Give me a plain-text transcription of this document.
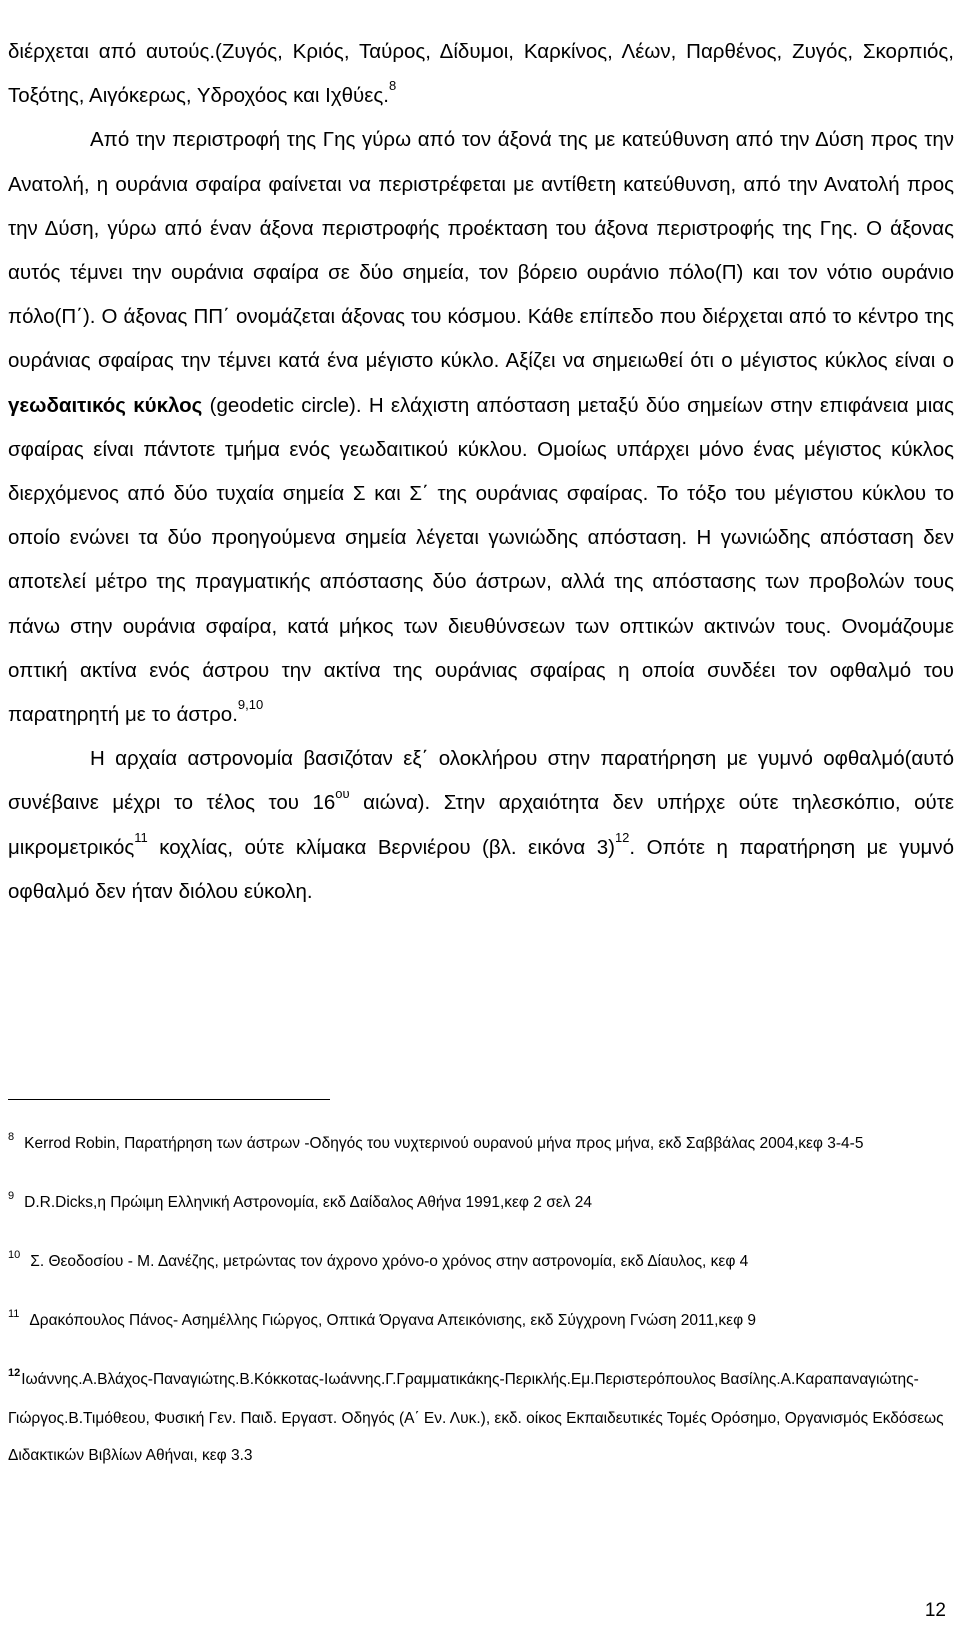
διέρχεται από αυτούς.(Ζυγός, Κριός, Ταύρος, Δίδυμοι, Καρκίνος, Λέων, Παρθένος, Ζυγός, Σκορπιός, Τοξότης, Αιγόκερως, Υδροχόος και Ιχθύες.$^8$

Από την περιστροφή της Γης γύρω από τον άξονά της με κατεύθυνση από την Δύση προς την Ανατολή, η ουράνια σφαίρα φαίνεται να περιστρέφεται με αντίθετη κατεύθυνση, από την Ανατολή προς την Δύση, γύρω από έναν άξονα περιστροφής προέκταση του άξονα περιστροφής της Γης. Ο άξονας αυτός τέμνει την ουράνια σφαίρα σε δύο σημεία, τον βόρειο ουράνιο πόλο(Π) και τον νότιο ουράνιο πόλο(Π΄). Ο άξονας ΠΠ΄ ονομάζεται άξονας του κόσμου. Κάθε επίπεδο που διέρχεται από το κέντρο της ουράνιας σφαίρας την τέμνει κατά ένα μέγιστο κύκλο. Αξίζει να σημειωθεί ότι ο μέγιστος κύκλος είναι ο γεωδαιτικός κύκλος (geodetic circle). Η ελάχιστη απόσταση μεταξύ δύο σημείων στην επιφάνεια μιας σφαίρας είναι πάντοτε τμήμα ενός γεωδαιτικού κύκλου. Ομοίως υπάρχει μόνο ένας μέγιστος κύκλος διερχόμενος από δύο τυχαία σημεία Σ και Σ΄ της ουράνιας σφαίρας. Το τόξο του μέγιστου κύκλου το οποίο ενώνει τα δύο προηγούμενα σημεία λέγεται γωνιώδης απόσταση. Η γωνιώδης απόσταση δεν αποτελεί μέτρο της πραγματικής απόστασης δύο άστρων, αλλά της απόστασης των προβολών τους πάνω στην ουράνια σφαίρα, κατά μήκος των διευθύνσεων των οπτικών ακτινών τους. Ονομάζουμε οπτική ακτίνα ενός άστρου την ακτίνα της ουράνιας σφαίρας η οποία συνδέει τον οφθαλμό του παρατηρητή με το άστρο.$^{9,10}$

Η αρχαία αστρονομία βασιζόταν εξ΄ ολοκλήρου στην παρατήρηση με γυμνό οφθαλμό(αυτό συνέβαινε μέχρι το τέλος του $16^{o\upsilon}$ αιώνα). Στην αρχαιότητα δεν υπήρχε ούτε τηλεσκόπιο, ούτε μικρομετρικός$^{11}$ κοχλίας, ούτε κλίμακα Βερνιέρου (βλ. εικόνα 3)$^{12}$. Οπότε η παρατήρηση με γυμνό οφθαλμό δεν ήταν διόλου εύκολη.

$^8$ Kerrod Robin, Παρατήρηση των άστρων -Οδηγός του νυχτερινού ουρανού μήνα προς μήνα, εκδ Σαββάλας 2004,κεφ 3-4-5

$^9$ D.R.Dicks,η Πρώιμη Ελληνική Αστρονομία, εκδ Δαίδαλος Αθήνα 1991,κεφ 2 σελ 24

$^{10}$ Σ. Θεοδοσίου - Μ. Δανέζης, μετρώντας τον άχρονο χρόνο-ο χρόνος στην αστρονομία, εκδ Δίαυλος, κεφ 4

$^{11}$ Δρακόπουλος Πάνος- Ασημέλλης Γιώργος, Οπτικά Όργανα Απεικόνισης, εκδ Σύγχρονη Γνώση 2011,κεφ 9

$^{12}$Ιωάννης.Α.Βλάχος-Παναγιώτης.Β.Κόκκοτας-Ιωάννης.Γ.Γραμματικάκης-Περικλής.Εμ.Περιστερόπουλος Βασίλης.Α.Καραπαναγιώτης-Γιώργος.Β.Τιμόθεου, Φυσική Γεν. Παιδ. Εργαστ. Οδηγός (Α΄ Εν. Λυκ.), εκδ. οίκος Εκπαιδευτικές Τομές Ορόσημο, Οργανισμός Εκδόσεως Διδακτικών Βιβλίων Αθήναι, κεφ 3.3

12
